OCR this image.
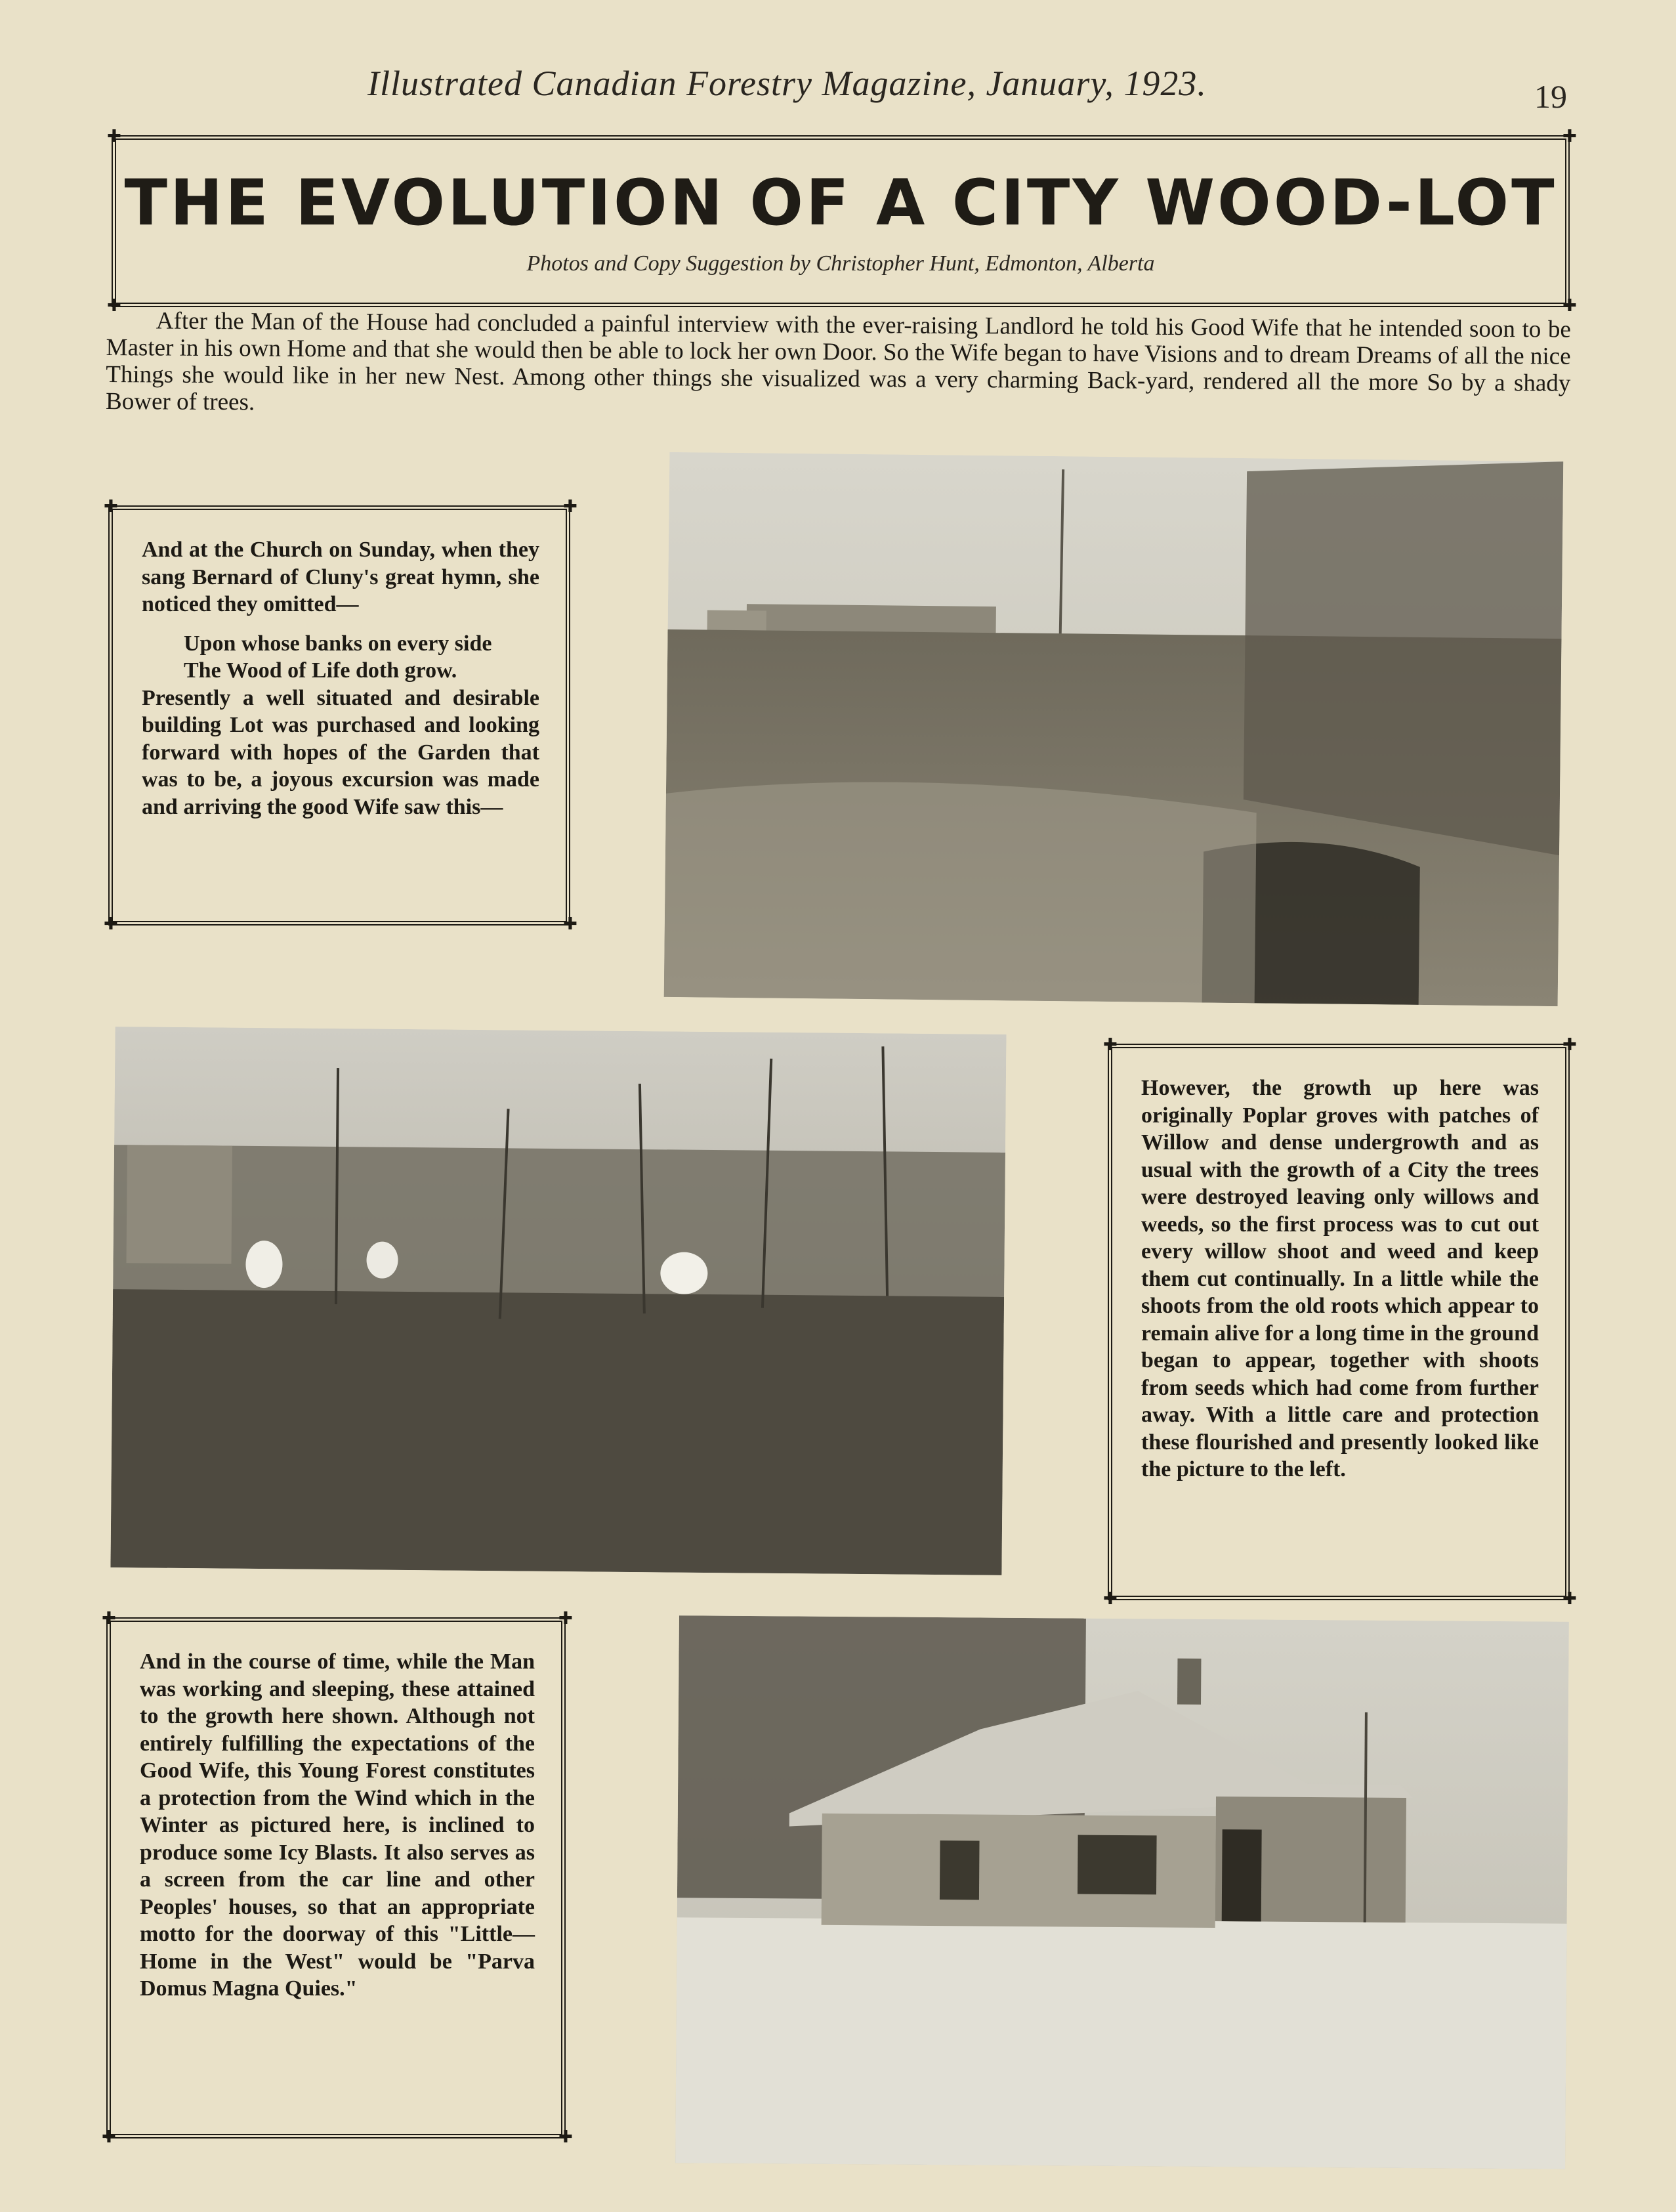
Illustrated Canadian Forestry Magazine, January, 1923.	19
✚	✚
✚	✚
THE EVOLUTION OF A CITY WOOD-LOT
Photos and Copy Suggestion by Christopher Hunt, Edmonton, Alberta
After the Man of the House had concluded a painful interview with the ever-raising Landlord he told his Good Wife that he intended soon to be Master in his own Home and that she would then be able to lock her own Door. So the Wife began to have Visions and to dream Dreams of all the nice Things she would like in her new Nest. Among other things she visualized was a very charming Back-yard, rendered all the more So by a shady Bower of trees.
✚	✚
✚	✚

And at the Church on Sunday, when they sang Bernard of Cluny's great hymn, she noticed they omitted—

Upon whose banks on every side

The Wood of Life doth grow.

Presently a well situated and desirable building Lot was purchased and looking forward with hopes of the Garden that was to be, a joyous excursion was made and arriving the good Wife saw this—

✚	✚
✚	✚

However, the growth up here was originally Poplar groves with patches of Willow and dense undergrowth and as usual with the growth of a City the trees were destroyed leaving only willows and weeds, so the first process was to cut out every willow shoot and weed and keep them cut continually. In a little while the shoots from the old roots which appear to remain alive for a long time in the ground began to appear, together with shoots from seeds which had come from further away. With a little care and protection these flourished and presently looked like the picture to the left.

✚	✚
✚	✚

And in the course of time, while the Man was working and sleeping, these attained to the growth here shown. Although not entirely fulfilling the expectations of the Good Wife, this Young Forest constitutes a protection from the Wind which in the Winter as pictured here, is inclined to produce some Icy Blasts. It also serves as a screen from the car line and other Peoples' houses, so that an appropriate motto for the doorway of this "Little—Home in the West" would be "Parva Domus Magna Quies."
